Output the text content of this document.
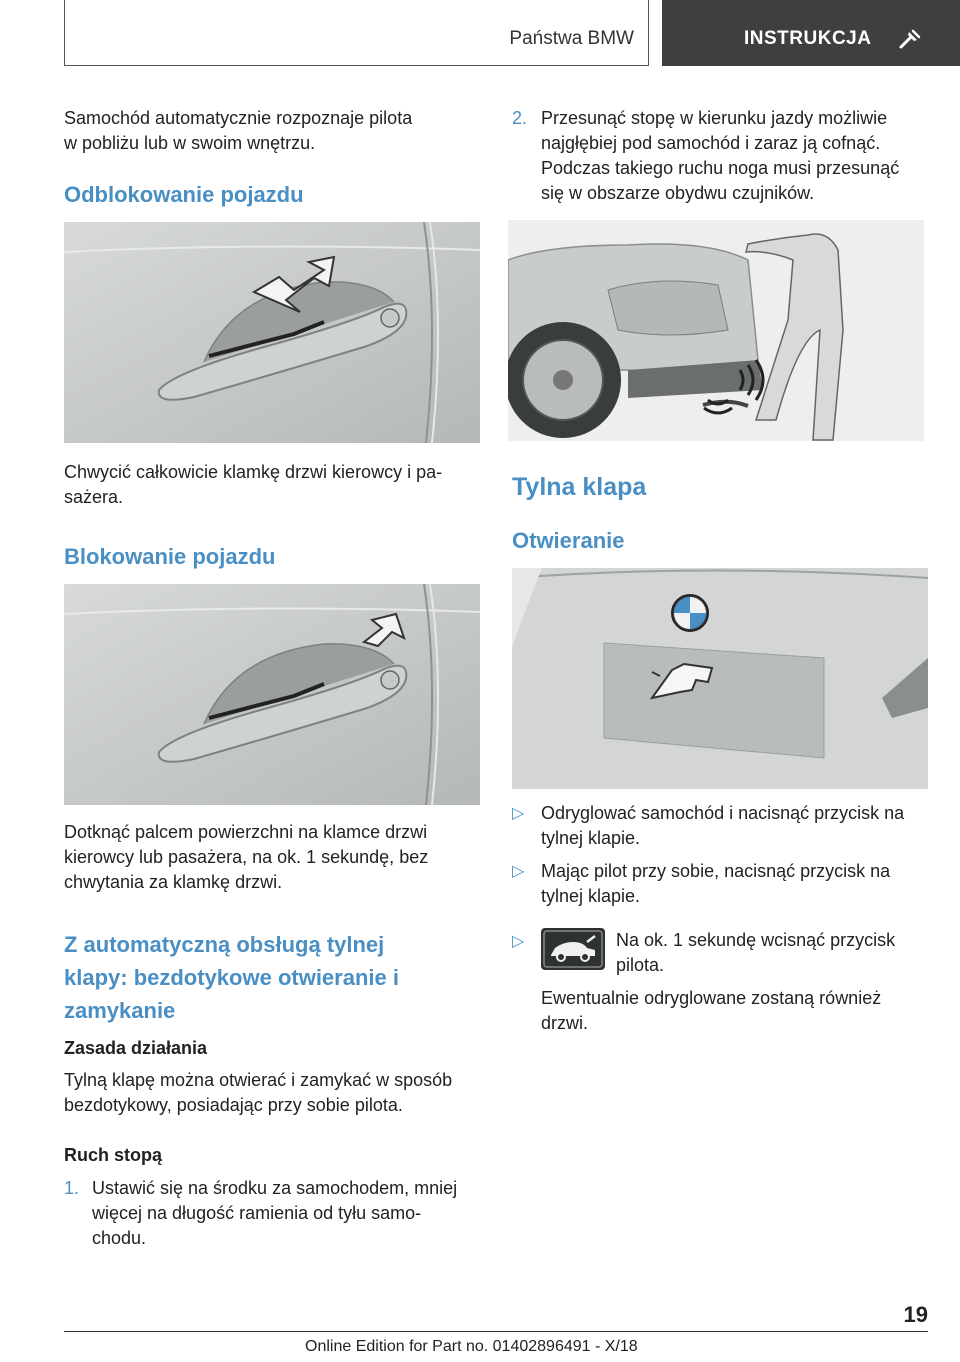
Państwa BMW	INSTRUKCJA
Samochód automatycznie rozpoznaje pilota
w pobliżu lub w swoim wnętrzu.
Odblokowanie pojazdu
Chwycić całkowicie klamkę drzwi kierowcy i pa-
sażera.
Blokowanie pojazdu
Dotknąć palcem powierzchni na klamce drzwi
kierowcy lub pasażera, na ok. 1 sekundę, bez
chwytania za klamkę drzwi.
Z automatyczną obsługą tylnej
klapy: bezdotykowe otwieranie i
zamykanie
Zasada działania
Tylną klapę można otwierać i zamykać w sposób
bezdotykowy, posiadając przy sobie pilota.
Ruch stopą
1. Ustawić się na środku za samochodem, mniej
więcej na długość ramienia od tyłu samo-
chodu.
2. Przesunąć stopę w kierunku jazdy możliwie
najgłębiej pod samochód i zaraz ją cofnąć.
Podczas takiego ruchu noga musi przesunąć
się w obszarze obydwu czujników.
Tylna klapa
Otwieranie
▷ Odryglować samochód i nacisnąć przycisk na
tylnej klapie.
▷ Mając pilot przy sobie, nacisnąć przycisk na
tylnej klapie.
▷	Na ok. 1 sekundę wcisnąć przycisk
pilota.
Ewentualnie odryglowane zostaną również
drzwi.
19
Online Edition for Part no. 01402896491 - X/18
